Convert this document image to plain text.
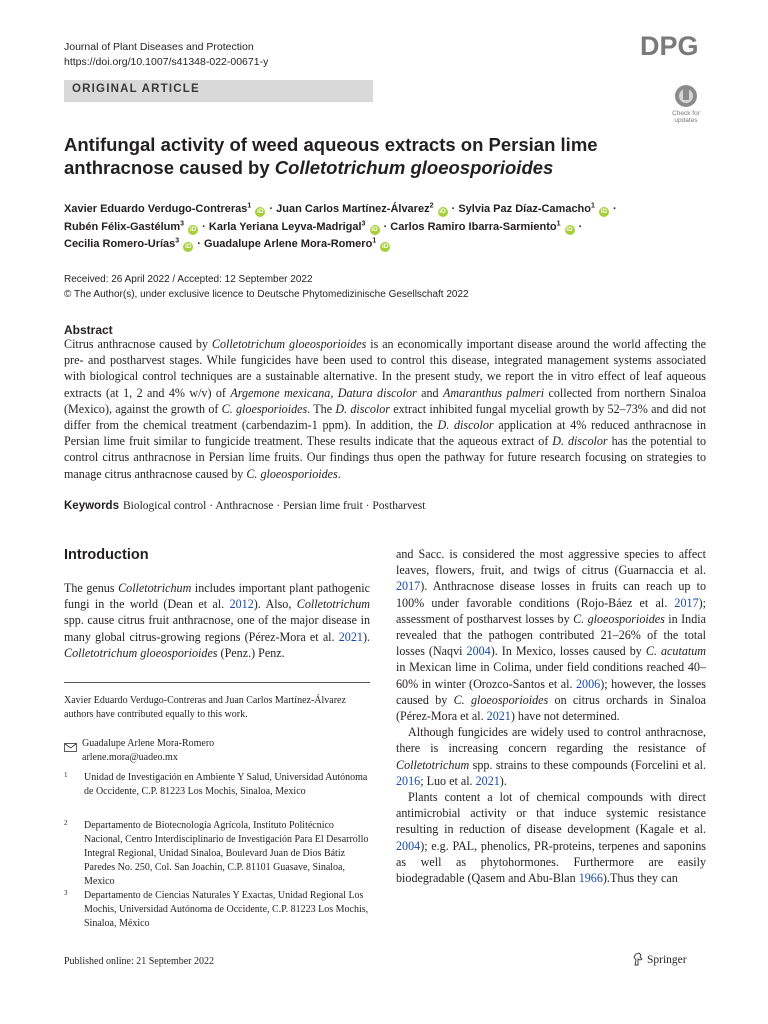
Journal of Plant Diseases and Protection
https://doi.org/10.1007/s41348-022-00671-y
DPG
ORIGINAL ARTICLE
Check for
updates
Antifungal activity of weed aqueous extracts on Persian lime
anthracnose caused by Colletotrichum gloeosporioides
Xavier Eduardo Verdugo-Contreras$^1$ iD · Juan Carlos Martínez-Álvarez$^2$ iD · Sylvia Paz Díaz-Camacho$^1$ iD ·
Rubén Félix-Gastélum$^3$ iD · Karla Yeriana Leyva-Madrigal$^3$ iD · Carlos Ramiro Ibarra-Sarmiento$^1$ iD ·
Cecilia Romero-Urías$^3$ iD · Guadalupe Arlene Mora-Romero$^1$ iD
Received: 26 April 2022 / Accepted: 12 September 2022
© The Author(s), under exclusive licence to Deutsche Phytomedizinische Gesellschaft 2022
Abstract
Citrus anthracnose caused by Colletotrichum gloeosporioides is an economically important disease around the world affecting the pre- and postharvest stages. While fungicides have been used to control this disease, integrated management systems associated with biological control techniques are a sustainable alternative. In the present study, we report the in vitro effect of leaf aqueous extracts (at 1, 2 and 4% w/v) of Argemone mexicana, Datura discolor and Amaranthus palmeri collected from northern Sinaloa (Mexico), against the growth of C. gloesporioides. The D. discolor extract inhibited fungal mycelial growth by 52–73% and did not differ from the chemical treatment (carbendazim-1 ppm). In addition, the D. discolor application at 4% reduced anthracnose in Persian lime fruit similar to fungicide treatment. These results indicate that the aqueous extract of D. discolor has the potential to control citrus anthracnose in Persian lime fruits. Our findings thus open the pathway for future research focusing on strategies to manage citrus anthracnose caused by C. gloeosporioides.
Keywords Biological control · Anthracnose · Persian lime fruit · Postharvest
Introduction

The genus Colletotrichum includes important plant pathogenic fungi in the world (Dean et al. 2012). Also, Colletotrichum spp. cause citrus fruit anthracnose, one of the major disease in many global citrus-growing regions (Pérez-Mora et al. 2021). Colletotrichum gloeosporioides (Penz.) Penz.

and Sacc. is considered the most aggressive species to affect leaves, flowers, fruit, and twigs of citrus (Guarnaccia et al. 2017). Anthracnose disease losses in fruits can reach up to 100% under favorable conditions (Rojo-Báez et al. 2017); assessment of postharvest losses by C. gloeosporioides in India revealed that the pathogen contributed 21–26% of the total losses (Naqvi 2004). In Mexico, losses caused by C. acutatum in Mexican lime in Colima, under field conditions reached 40–60% in winter (Orozco-Santos et al. 2006); however, the losses caused by C. gloeosporioides on citrus orchards in Sinaloa (Pérez-Mora et al. 2021) have not determined.

Although fungicides are widely used to control anthracnose, there is increasing concern regarding the resistance of Colletotrichum spp. strains to these compounds (Forcelini et al. 2016; Luo et al. 2021).

Plants content a lot of chemical compounds with direct antimicrobial activity or that induce systemic resistance resulting in reduction of disease development (Kagale et al. 2004); e.g. PAL, phenolics, PR-proteins, terpenes and saponins as well as phytohormones. Furthermore are easily biodegradable (Qasem and Abu-Blan 1966).Thus they can

Xavier Eduardo Verdugo-Contreras and Juan Carlos Martínez-Álvarez authors have contributed equally to this work.
Guadalupe Arlene Mora-Romero
arlene.mora@uadeo.mx
1 Unidad de Investigación en Ambiente Y Salud, Universidad Autónoma de Occidente, C.P. 81223 Los Mochis, Sinaloa, Mexico
2 Departamento de Biotecnología Agrícola, Instituto Politécnico Nacional, Centro Interdisciplinario de Investigación Para El Desarrollo Integral Regional, Unidad Sinaloa, Boulevard Juan de Dios Bátiz Paredes No. 250, Col. San Joachin, C.P. 81101 Guasave, Sinaloa, Mexico
3 Departamento de Ciencias Naturales Y Exactas, Unidad Regional Los Mochis, Universidad Autónoma de Occidente, C.P. 81223 Los Mochis, Sinaloa, México
Published online: 21 September 2022	Springer
